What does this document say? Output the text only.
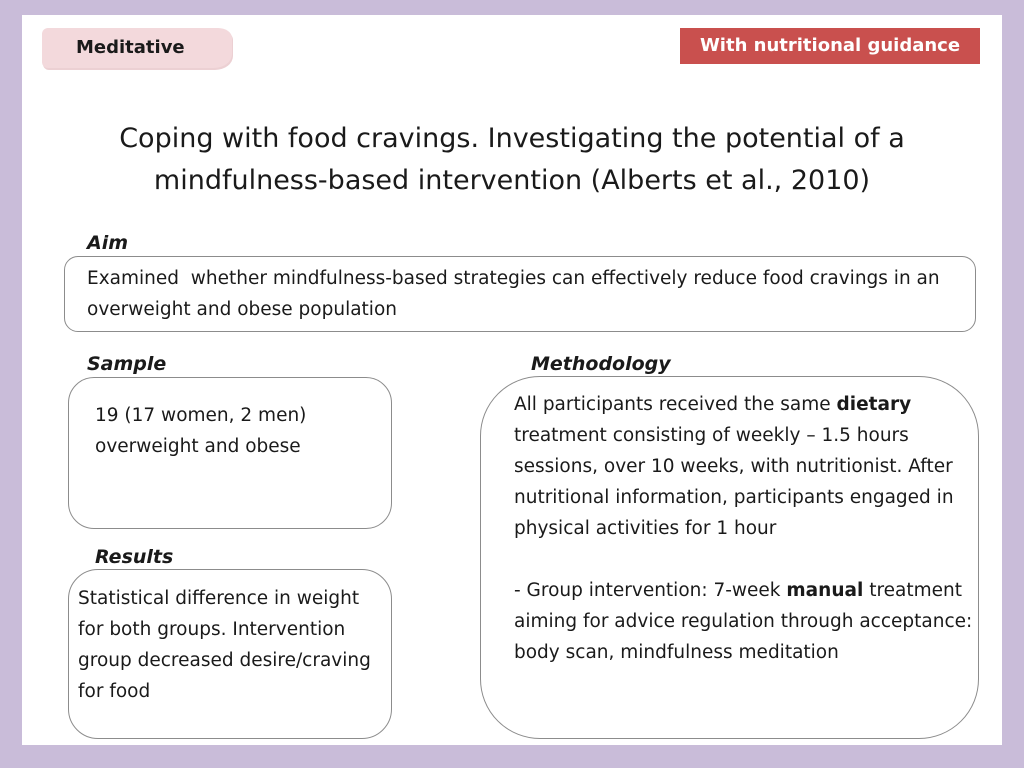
Meditative	With nutritional guidance
Coping with food cravings. Investigating the potential of a mindfulness-based intervention (Alberts et al., 2010)
Aim
Examined  whether mindfulness-based strategies can effectively reduce food cravings in an overweight and obese population
Sample
19 (17 women, 2 men) overweight and obese
Results
Statistical difference in weight for both groups. Intervention group decreased desire/craving for food
Methodology
All participants received the same dietary treatment consisting of weekly – 1.5 hours sessions, over 10 weeks, with nutritionist. After nutritional information, participants engaged in physical activities for 1 hour
- Group intervention: 7-week manual treatment aiming for advice regulation through acceptance: body scan, mindfulness meditation
